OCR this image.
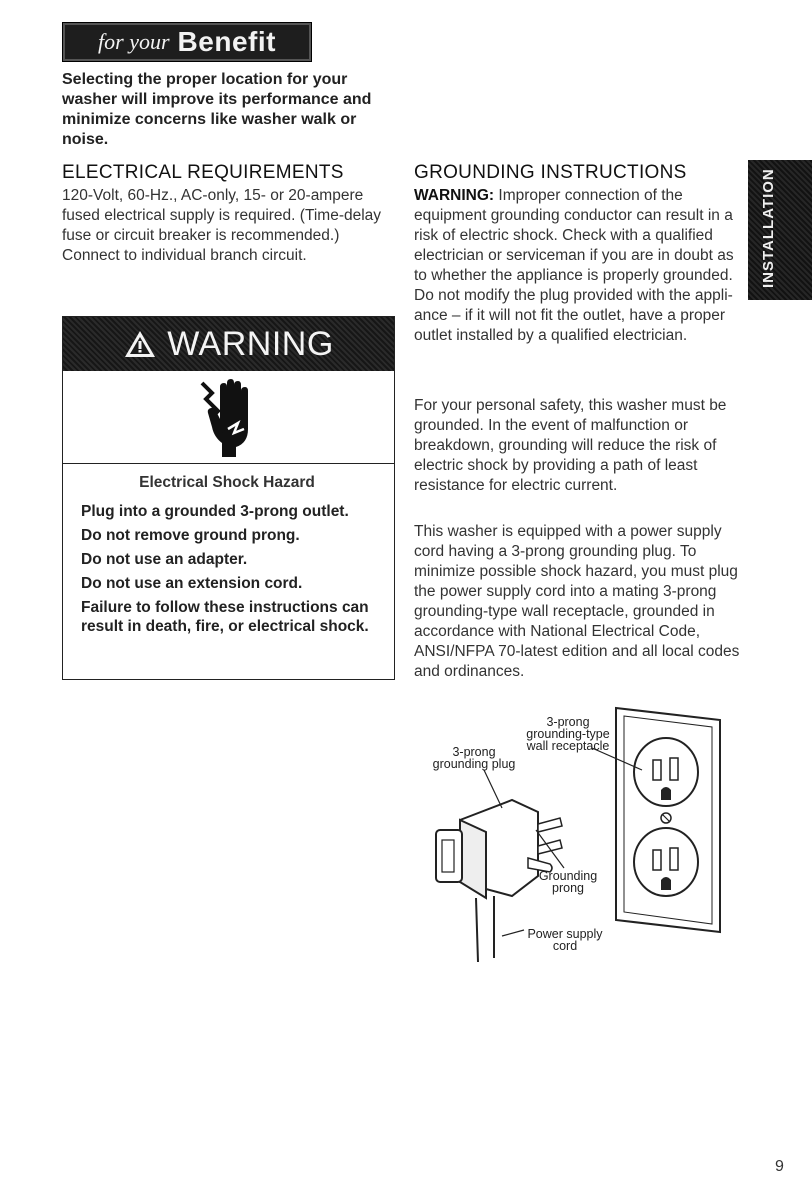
for your Benefit
Selecting the proper location for your washer will improve its performance and minimize concerns like washer walk or noise.
ELECTRICAL REQUIREMENTS
120-Volt, 60-Hz., AC-only, 15- or 20-ampere fused electrical supply is required. (Time-delay fuse or circuit breaker is recommended.) Connect to individual branch circuit.
WARNING

Electrical Shock Hazard

Plug into a grounded 3-prong outlet.

Do not remove ground prong.

Do not use an adapter.

Do not use an extension cord.

Failure to follow these instructions can result in death, fire, or electrical shock.

GROUNDING INSTRUCTIONS
WARNING: Improper connection of the equipment grounding conductor can result in a risk of electric shock. Check with a qualified electrician or serviceman if you are in doubt as to whether the appliance is properly grounded. Do not modify the plug provided with the appli- ance – if it will not fit the outlet, have a proper outlet installed by a qualified electrician.
For your personal safety, this washer must be grounded. In the event of malfunction or breakdown, grounding will reduce the risk of electric shock by providing a path of least resistance for electric current.
This washer is equipped with a power supply cord having a 3-prong grounding plug. To minimize possible shock hazard, you must plug the power supply cord into a mating 3-prong grounding-type wall receptacle, grounded in accordance with National Electrical Code, ANSI/NFPA 70-latest edition and all local codes and ordinances.
INSTALLATION
3-prong grounding-type wall receptacle
3-prong grounding plug
Grounding prong
Power supply cord
9
